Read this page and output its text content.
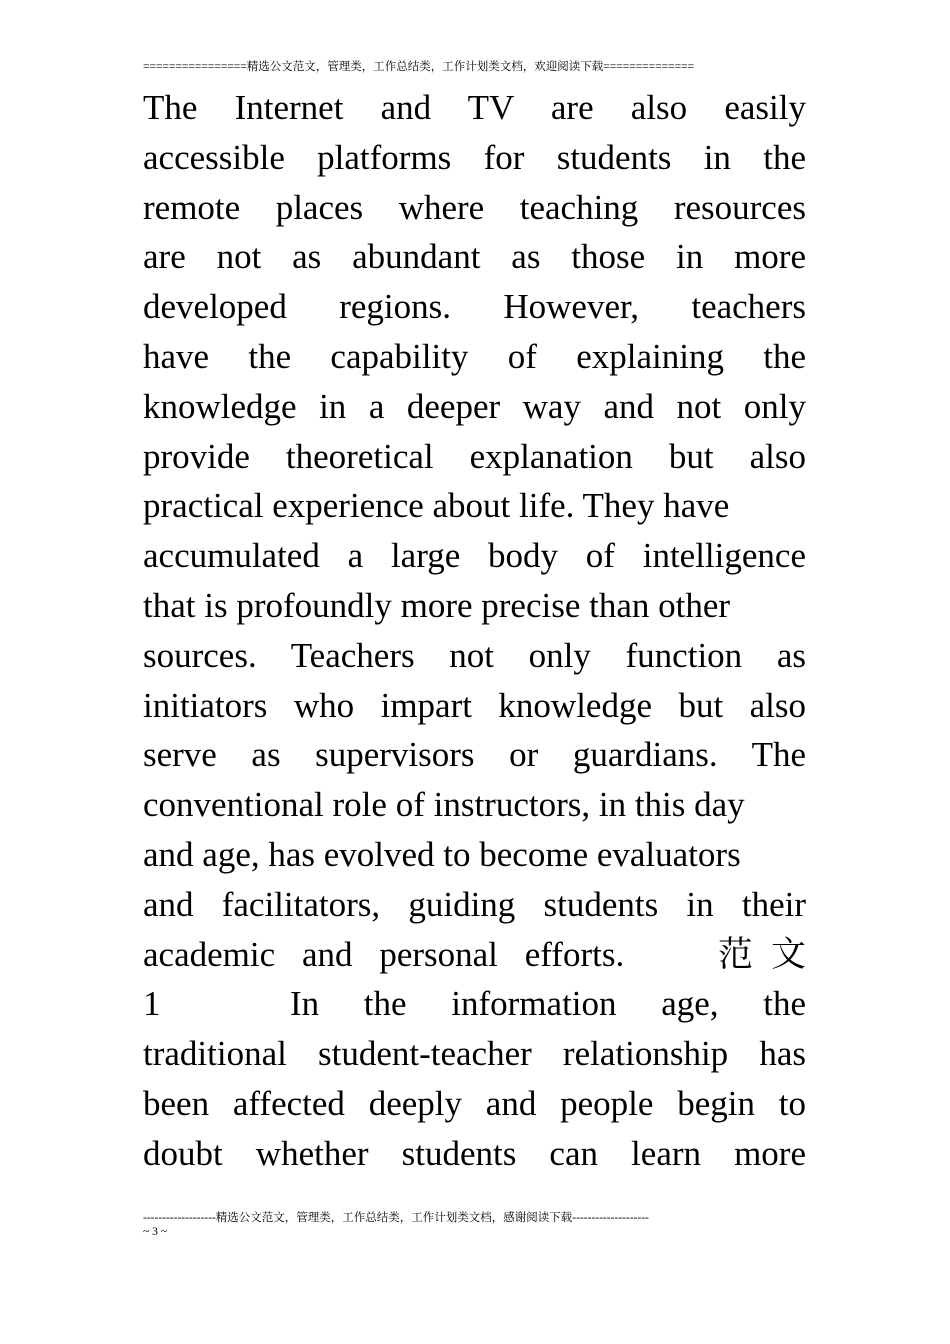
================精选公文范文，管理类，工作总结类，工作计划类文档，欢迎阅读下载==============
The Internet and TV are also easily
accessible platforms for students in the
remote places where teaching resources
are not as abundant as those in more
developed regions. However, teachers
have the capability of explaining the
knowledge in a deeper way and not only
provide theoretical explanation but also
practical experience about life. They have
accumulated a large body of intelligence
that is profoundly more precise than other
sources. Teachers not only function as
initiators who impart knowledge but also
serve as supervisors or guardians. The
conventional role of instructors, in this day
and age, has evolved to become evaluators
and facilitators, guiding students in their
academic and personal efforts.	范文
1	In the information age, the
traditional student-teacher relationship has
been affected deeply and people begin to
doubt whether students can learn more
-------------------精选公文范文，管理类，工作总结类，工作计划类文档，感谢阅读下载--------------------
~ 3 ~
